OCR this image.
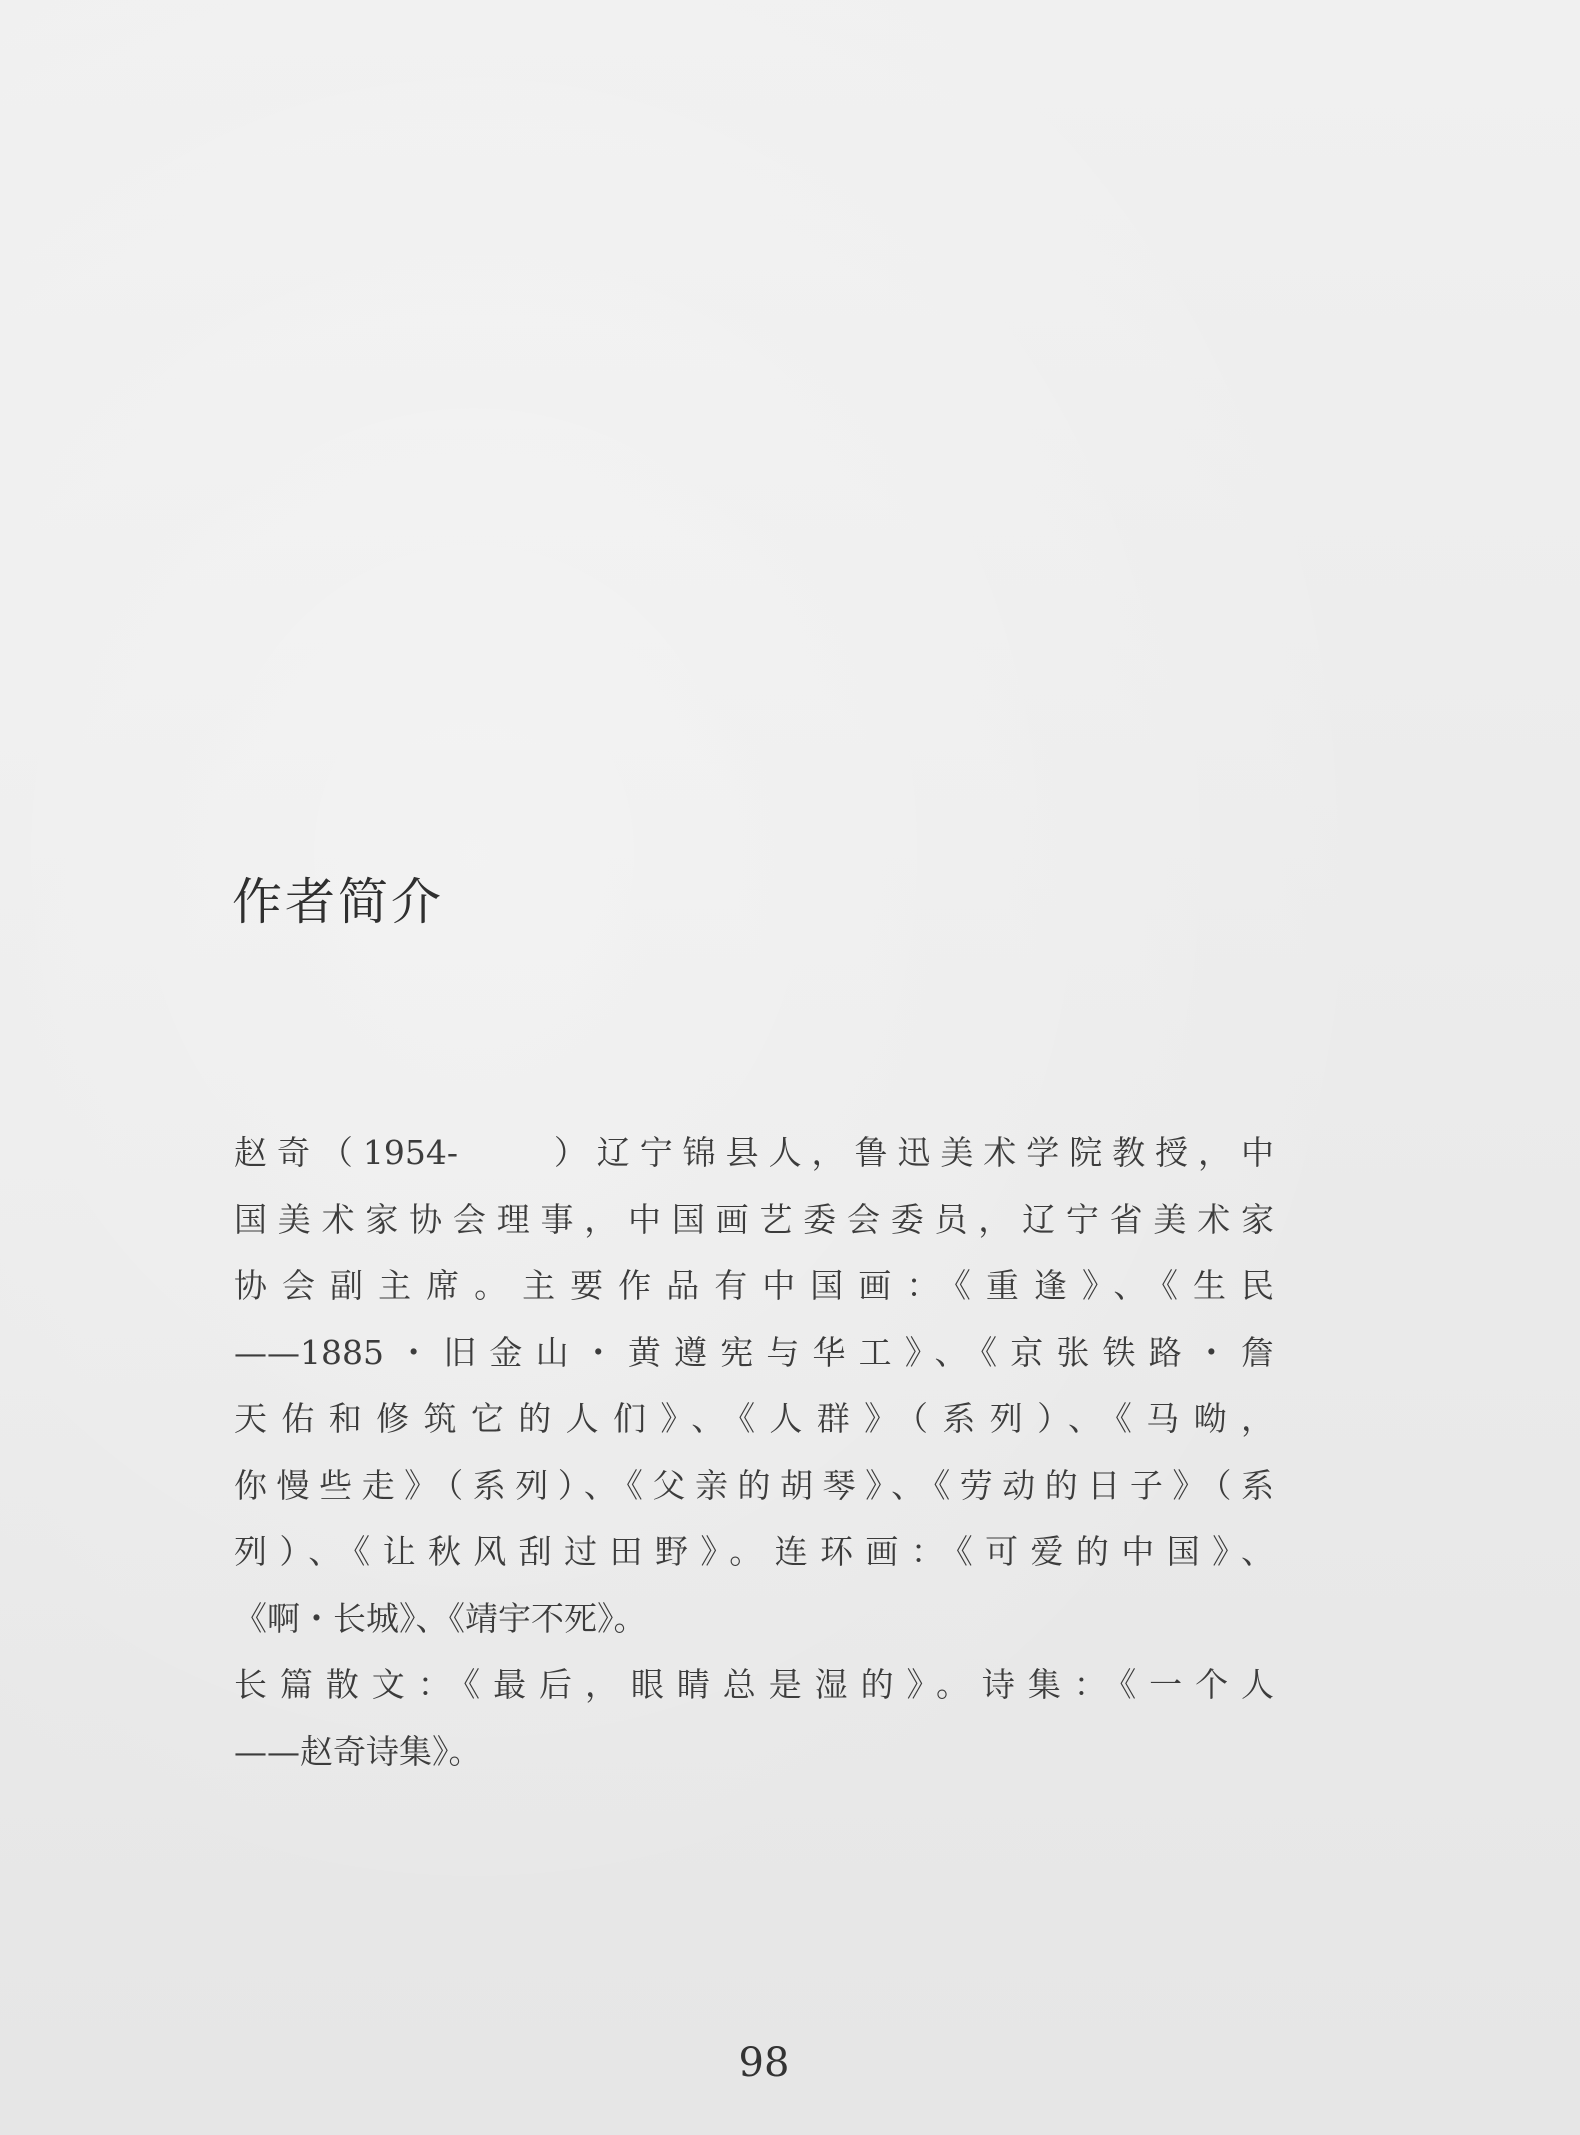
作者简介
赵奇（1954-　　）辽宁锦县人，鲁迅美术学院教授，中
国美术家协会理事，中国画艺委会委员，辽宁省美术家
协会副主席。主要作品有中国画：《重逢》、《生民
——1885・旧金山・黄遵宪与华工》、《京张铁路・詹
天佑和修筑它的人们》、《人群》（系列）、《马呦，
你慢些走》（系列）、《父亲的胡琴》、《劳动的日子》（系
列）、《让秋风刮过田野》。连环画：《可爱的中国》、
《啊・长城》、《靖宇不死》。
长篇散文：《最后，眼睛总是湿的》。诗集：《一个人
——赵奇诗集》。
98
